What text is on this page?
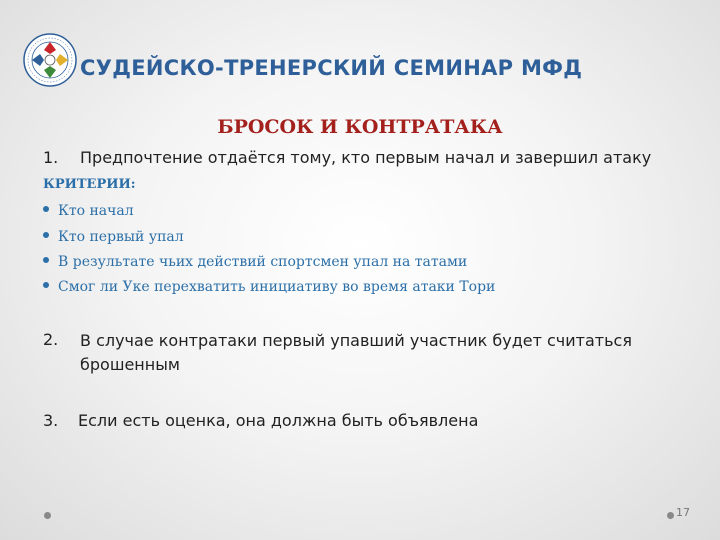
СУДЕЙСКО-ТРЕНЕРСКИЙ СЕМИНАР МФД
БРОСОК И КОНТРАТАКА
1.	Предпочтение отдаётся тому, кто первым начал и завершил атаку
КРИТЕРИИ:
Кто начал
Кто первый упал
В результате чьих действий спортсмен упал на татами
Смог ли Уке перехватить инициативу во время атаки Тори
2.	В случае контратаки первый упавший участник будет считаться брошенным
3.	Если есть оценка, она должна быть объявлена
17
